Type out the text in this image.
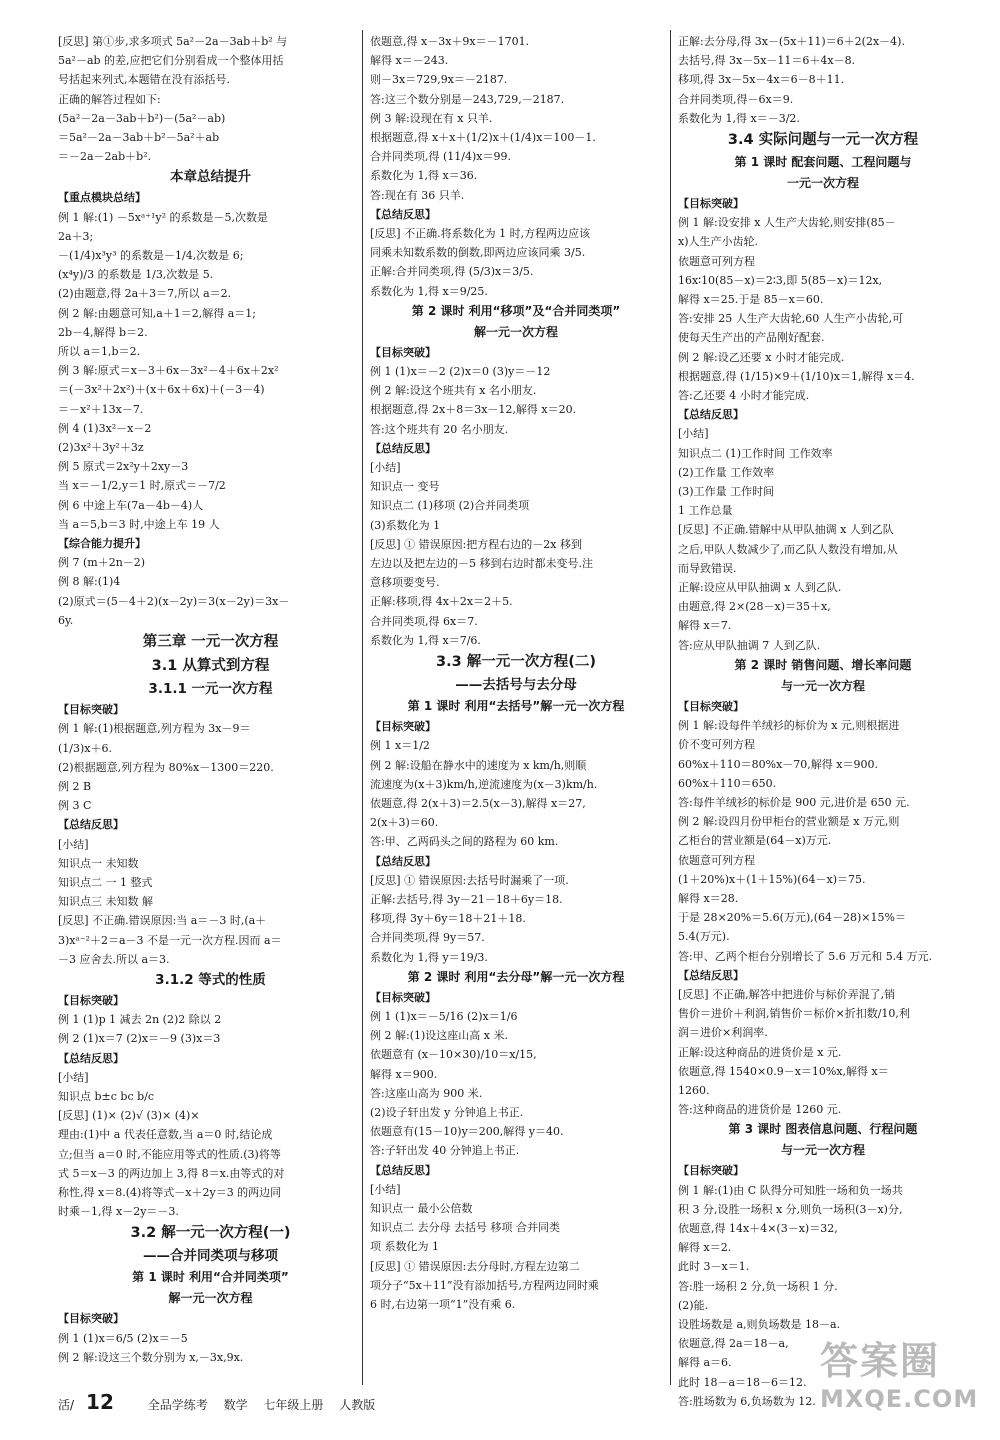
[反思] 第①步,求多项式 5a²－2a－3ab＋b² 与
5a²－ab 的差,应把它们分别看成一个整体用括
号括起来列式,本题错在没有添括号.
正确的解答过程如下:
(5a²－2a－3ab＋b²)－(5a²－ab)
＝5a²－2a－3ab＋b²－5a²＋ab
＝－2a－2ab＋b².
本章总结提升
【重点模块总结】
例 1 解:(1) －5xᵃ⁺¹y² 的系数是－5,次数是
2a＋3;
－(1/4)x³y³ 的系数是－1/4,次数是 6;
(x⁴y)/3 的系数是 1/3,次数是 5.
(2)由题意,得 2a＋3＝7,所以 a＝2.
例 2 解:由题意可知,a＋1＝2,解得 a＝1;
2b－4,解得 b＝2.
所以 a＝1,b＝2.
例 3 解:原式＝x－3＋6x－3x²－4＋6x＋2x²
＝(－3x²＋2x²)＋(x＋6x＋6x)＋(－3－4)
＝－x²＋13x－7.
例 4 (1)3x²－x－2
(2)3x²＋3y²＋3z
例 5 原式＝2x²y＋2xy－3
当 x＝－1/2,y＝1 时,原式＝－7/2
例 6 中途上车(7a－4b－4)人
当 a＝5,b＝3 时,中途上车 19 人
【综合能力提升】
例 7 (m＋2n－2)
例 8 解:(1)4
(2)原式＝(5－4＋2)(x－2y)＝3(x－2y)＝3x－
6y.
第三章 一元一次方程
3.1 从算式到方程
3.1.1 一元一次方程
【目标突破】
例 1 解:(1)根据题意,列方程为 3x－9＝
(1/3)x＋6.
(2)根据题意,列方程为 80%x－1300＝220.
例 2 B
例 3 C
【总结反思】
[小结]
知识点一 未知数
知识点二 一 1 整式
知识点三 未知数 解
[反思] 不正确.错误原因:当 a＝－3 时,(a＋
3)xᵃ⁻²＋2＝a－3 不是一元一次方程.因而 a＝
－3 应舍去.所以 a＝3.
3.1.2 等式的性质
【目标突破】
例 1 (1)p 1 减去 2n (2)2 除以 2
例 2 (1)x＝7 (2)x＝－9 (3)x＝3
【总结反思】
[小结]
知识点 b±c bc b/c
[反思] (1)× (2)√ (3)× (4)×
理由:(1)中 a 代表任意数,当 a＝0 时,结论成
立;但当 a＝0 时,不能应用等式的性质.(3)将等
式 5＝x－3 的两边加上 3,得 8＝x.由等式的对
称性,得 x＝8.(4)将等式－x＋2y＝3 的两边同
时乘－1,得 x－2y＝－3.
3.2 解一元一次方程(一)
——合并同类项与移项
第 1 课时 利用“合并同类项”
解一元一次方程
【目标突破】
例 1 (1)x＝6/5 (2)x＝－5
例 2 解:设这三个数分别为 x,－3x,9x.
依题意,得 x－3x＋9x＝－1701.
解得 x＝－243.
则－3x＝729,9x＝－2187.
答:这三个数分别是－243,729,－2187.
例 3 解:设现在有 x 只羊.
根据题意,得 x＋x＋(1/2)x＋(1/4)x＝100－1.
合并同类项,得 (11/4)x＝99.
系数化为 1,得 x＝36.
答:现在有 36 只羊.
【总结反思】
[反思] 不正确.将系数化为 1 时,方程两边应该
同乘未知数系数的倒数,即两边应该同乘 3/5.
正解:合并同类项,得 (5/3)x＝3/5.
系数化为 1,得 x＝9/25.
第 2 课时 利用“移项”及“合并同类项”
解一元一次方程
【目标突破】
例 1 (1)x＝－2 (2)x＝0 (3)y＝－12
例 2 解:设这个班共有 x 名小朋友.
根据题意,得 2x＋8＝3x－12,解得 x＝20.
答:这个班共有 20 名小朋友.
【总结反思】
[小结]
知识点一 变号
知识点二 (1)移项 (2)合并同类项
(3)系数化为 1
[反思] ① 错误原因:把方程右边的－2x 移到
左边以及把左边的－5 移到右边时都未变号.注
意移项要变号.
正解:移项,得 4x＋2x＝2＋5.
合并同类项,得 6x＝7.
系数化为 1,得 x＝7/6.
3.3 解一元一次方程(二)
——去括号与去分母
第 1 课时 利用“去括号”解一元一次方程
【目标突破】
例 1 x＝1/2
例 2 解:设船在静水中的速度为 x km/h,则顺
流速度为(x＋3)km/h,逆流速度为(x－3)km/h.
依题意,得 2(x＋3)＝2.5(x－3),解得 x＝27,
2(x＋3)＝60.
答:甲、乙两码头之间的路程为 60 km.
【总结反思】
[反思] ① 错误原因:去括号时漏乘了一项.
正解:去括号,得 3y－21－18＋6y＝18.
移项,得 3y＋6y＝18＋21＋18.
合并同类项,得 9y＝57.
系数化为 1,得 y＝19/3.
第 2 课时 利用“去分母”解一元一次方程
【目标突破】
例 1 (1)x＝－5/16 (2)x＝1/6
例 2 解:(1)设这座山高 x 米.
依题意有 (x－10×30)/10＝x/15,
解得 x＝900.
答:这座山高为 900 米.
(2)设子轩出发 y 分钟追上书正.
依题意有(15－10)y＝200,解得 y＝40.
答:子轩出发 40 分钟追上书正.
【总结反思】
[小结]
知识点一 最小公倍数
知识点二 去分母 去括号 移项 合并同类
项 系数化为 1
[反思] ① 错误原因:去分母时,方程左边第二
项分子“5x＋11”没有添加括号,方程两边同时乘
6 时,右边第一项“1”没有乘 6.
正解:去分母,得 3x－(5x＋11)＝6＋2(2x－4).
去括号,得 3x－5x－11＝6＋4x－8.
移项,得 3x－5x－4x＝6－8＋11.
合并同类项,得－6x＝9.
系数化为 1,得 x＝－3/2.
3.4 实际问题与一元一次方程
第 1 课时 配套问题、工程问题与
一元一次方程
【目标突破】
例 1 解:设安排 x 人生产大齿轮,则安排(85－
x)人生产小齿轮.
依题意可列方程
16x∶10(85－x)＝2∶3,即 5(85－x)＝12x,
解得 x＝25.于是 85－x＝60.
答:安排 25 人生产大齿轮,60 人生产小齿轮,可
使每天生产出的产品刚好配套.
例 2 解:设乙还要 x 小时才能完成.
根据题意,得 (1/15)×9＋(1/10)x＝1,解得 x＝4.
答:乙还要 4 小时才能完成.
【总结反思】
[小结]
知识点二 (1)工作时间 工作效率
(2)工作量 工作效率
(3)工作量 工作时间
1 工作总量
[反思] 不正确.错解中从甲队抽调 x 人到乙队
之后,甲队人数减少了,而乙队人数没有增加,从
而导致错误.
正解:设应从甲队抽调 x 人到乙队.
由题意,得 2×(28－x)＝35＋x,
解得 x＝7.
答:应从甲队抽调 7 人到乙队.
第 2 课时 销售问题、增长率问题
与一元一次方程
【目标突破】
例 1 解:设每件羊绒衫的标价为 x 元,则根据进
价不变可列方程
60%x＋110＝80%x－70,解得 x＝900.
60%x＋110＝650.
答:每件羊绒衫的标价是 900 元,进价是 650 元.
例 2 解:设四月份甲柜台的营业额是 x 万元,则
乙柜台的营业额是(64－x)万元.
依题意可列方程
(1＋20%)x＋(1＋15%)(64－x)＝75.
解得 x＝28.
于是 28×20%＝5.6(万元),(64－28)×15%＝
5.4(万元).
答:甲、乙两个柜台分别增长了 5.6 万元和 5.4 万元.
【总结反思】
[反思] 不正确,解答中把进价与标价弄混了,销
售价＝进价＋利润,销售价＝标价×折扣数/10,利
润＝进价×利润率.
正解:设这种商品的进货价是 x 元.
依题意,得 1540×0.9－x＝10%x,解得 x＝
1260.
答:这种商品的进货价是 1260 元.
第 3 课时 图表信息问题、行程问题
与一元一次方程
【目标突破】
例 1 解:(1)由 C 队得分可知胜一场和负一场共
积 3 分,设胜一场积 x 分,则负一场积(3－x)分,
依题意,得 14x＋4×(3－x)＝32,
解得 x＝2.
此时 3－x＝1.
答:胜一场积 2 分,负一场积 1 分.
(2)能.
设胜场数是 a,则负场数是 18－a.
依题意,得 2a＝18－a,
解得 a＝6.
此时 18－a＝18－6＝12.
答:胜场数为 6,负场数为 12.
活/ 12	全品学练考 数学 七年级上册 人教版
答案圈
MXQE.COM
